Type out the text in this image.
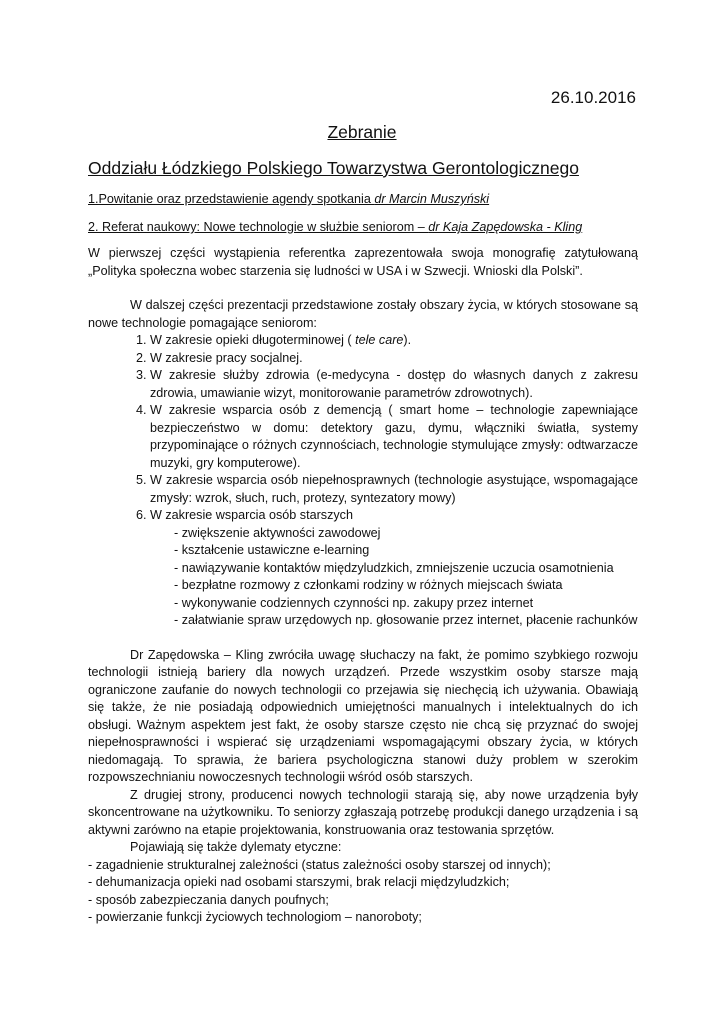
26.10.2016
Zebranie
Oddziału Łódzkiego Polskiego Towarzystwa Gerontologicznego
1.Powitanie oraz przedstawienie agendy spotkania dr Marcin Muszyński
2. Referat naukowy: Nowe technologie w służbie seniorom – dr Kaja Zapędowska - Kling

W pierwszej części wystąpienia referentka zaprezentowała swoja monografię zatytułowaną „Polityka społeczna wobec starzenia się ludności w USA i w Szwecji. Wnioski dla Polski”.

W dalszej części prezentacji przedstawione zostały obszary życia, w których stosowane są nowe technologie pomagające seniorom:

1. W zakresie opieki długoterminowej ( tele care).
2. W zakresie pracy socjalnej.
3. W zakresie służby zdrowia (e-medycyna - dostęp do własnych danych z zakresu zdrowia, umawianie wizyt, monitorowanie parametrów zdrowotnych).
4. W zakresie wsparcia osób z demencją ( smart home – technologie zapewniające bezpieczeństwo w domu: detektory gazu, dymu, włączniki światła, systemy przypominające o różnych czynnościach, technologie stymulujące zmysły: odtwarzacze muzyki, gry komputerowe).
5. W zakresie wsparcia osób niepełnosprawnych (technologie asystujące, wspomagające zmysły: wzrok, słuch, ruch, protezy, syntezatory mowy)
6. W zakresie wsparcia osób starszych
- zwiększenie aktywności zawodowej
- kształcenie ustawiczne e-learning
- nawiązywanie kontaktów międzyludzkich, zmniejszenie uczucia osamotnienia
- bezpłatne rozmowy z członkami rodziny w różnych miejscach świata
- wykonywanie codziennych czynności np. zakupy przez internet
- załatwianie spraw urzędowych np. głosowanie przez internet, płacenie rachunków

Dr Zapędowska – Kling zwróciła uwagę słuchaczy na fakt, że pomimo szybkiego rozwoju technologii istnieją bariery dla nowych urządzeń. Przede wszystkim osoby starsze mają ograniczone zaufanie do nowych technologii co przejawia się niechęcią ich używania. Obawiają się także, że nie posiadają odpowiednich umiejętności manualnych i intelektualnych do ich obsługi. Ważnym aspektem jest fakt, że osoby starsze często nie chcą się przyznać do swojej niepełnosprawności i wspierać się urządzeniami wspomagającymi obszary życia, w których niedomagają. To sprawia, że bariera psychologiczna stanowi duży problem w szerokim rozpowszechnianiu nowoczesnych technologii wśród osób starszych.

Z drugiej strony, producenci nowych technologii starają się, aby nowe urządzenia były skoncentrowane na użytkowniku. To seniorzy zgłaszają potrzebę produkcji danego urządzenia i są aktywni zarówno na etapie projektowania, konstruowania oraz testowania sprzętów.

Pojawiają się także dylematy etyczne:

- zagadnienie strukturalnej zależności (status zależności osoby starszej od innych);
- dehumanizacja opieki nad osobami starszymi, brak relacji międzyludzkich;
- sposób zabezpieczania danych poufnych;
- powierzanie funkcji życiowych technologiom – nanoroboty;
